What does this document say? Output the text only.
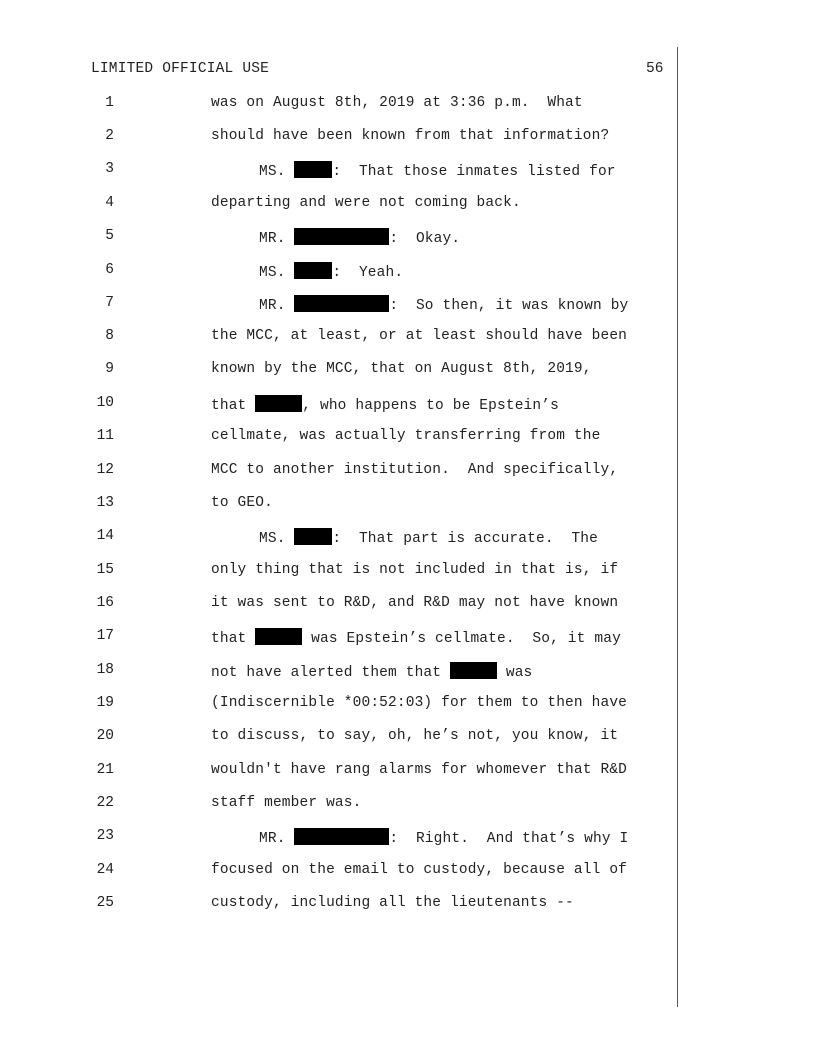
LIMITED OFFICIAL USE	56

1

	was on August 8th, 2019 at 3:36 p.m.  What

2

	should have been known from that information?

3

	MS.	:  That those inmates listed for

4

	departing and were not coming back.

5

	MR.	:  Okay.

6

	MS.	:  Yeah.

7

	MR.	:  So then, it was known by

8

	the MCC, at least, or at least should have been

9

	known by the MCC, that on August 8th, 2019,

10

	that	, who happens to be Epstein’s

11

	cellmate, was actually transferring from the

12

	MCC to another institution.  And specifically,

13

	to GEO.

14

	MS.	:  That part is accurate.  The

15

	only thing that is not included in that is, if

16

	it was sent to R&D, and R&D may not have known

17

	that	was Epstein’s cellmate.  So, it may

18

	not have alerted them that	was

19

	(Indiscernible *00:52:03) for them to then have

20

	to discuss, to say, oh, he’s not, you know, it

21

	wouldn't have rang alarms for whomever that R&D

22

	staff member was.

23

	MR.	:  Right.  And that’s why I

24

	focused on the email to custody, because all of

25

	custody, including all the lieutenants --
